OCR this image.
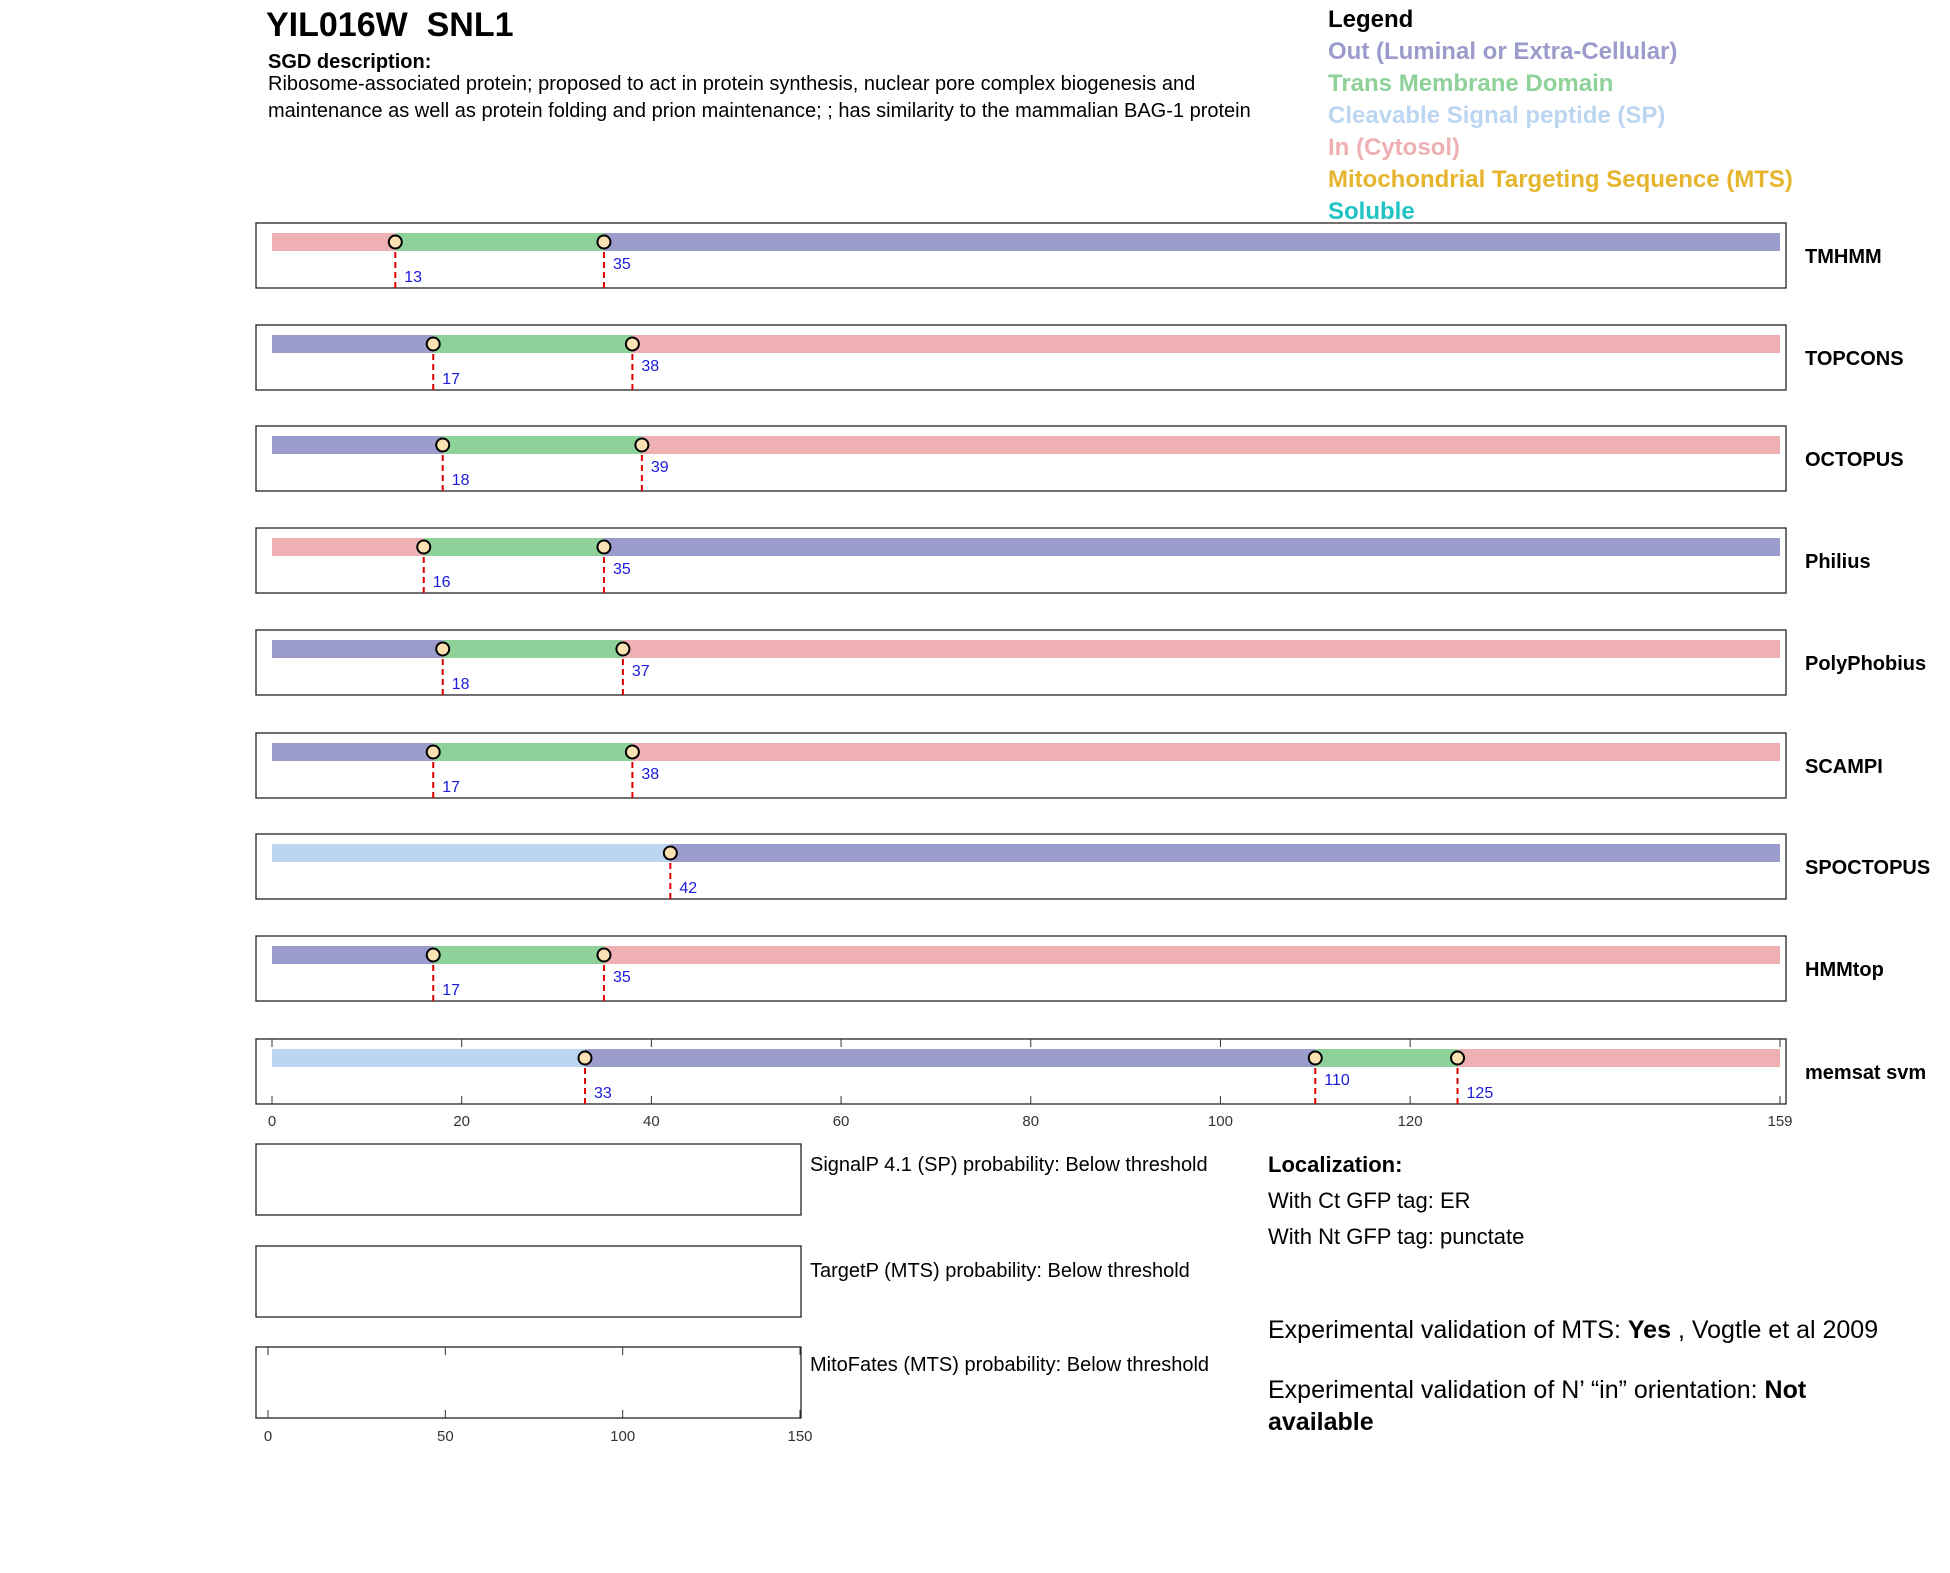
13
35	TMHMM
17
38	TOPCONS
18
39	OCTOPUS
16
35	Philius
18
37	PolyPhobius
17
38	SCAMPI
42
SPOCTOPUS
17
35	HMMtop
0	20	40	60	80	100	120	159
33
110
125
memsat svm
0	50	100	150
YIL016W  SNL1
SGD description:
Ribosome-associated protein; proposed to act in protein synthesis, nuclear pore complex biogenesis and maintenance as well as protein folding and prion maintenance; ; has similarity to the mammalian BAG-1 protein
Legend
Out (Luminal or Extra-Cellular)
Trans Membrane Domain
Cleavable Signal peptide (SP)
In (Cytosol)
Mitochondrial Targeting Sequence (MTS)
Soluble
SignalP 4.1 (SP) probability: Below threshold
TargetP (MTS) probability: Below threshold
MitoFates (MTS) probability: Below threshold
Localization:
With Ct GFP tag: ER
With Nt GFP tag: punctate
Experimental validation of MTS: Yes , Vogtle et al 2009
Experimental validation of N’ “in” orientation: Not available
